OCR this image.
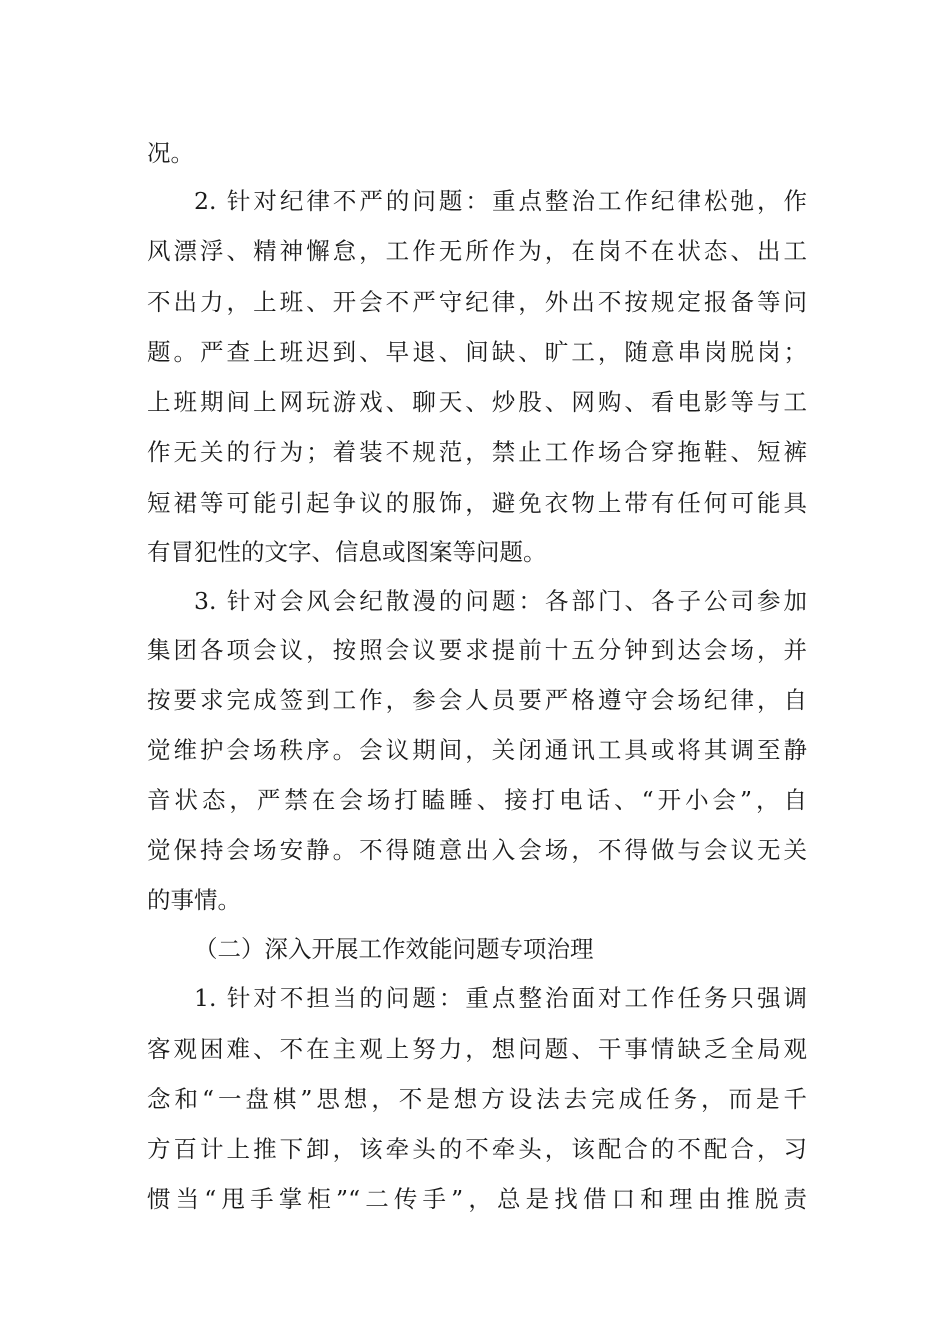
况。
2. 针对纪律不严的问题：重点整治工作纪律松弛，作
风漂浮、精神懈怠，工作无所作为，在岗不在状态、出工
不出力，上班、开会不严守纪律，外出不按规定报备等问
题。严查上班迟到、早退、间缺、旷工，随意串岗脱岗；
上班期间上网玩游戏、聊天、炒股、网购、看电影等与工
作无关的行为；着装不规范，禁止工作场合穿拖鞋、短裤
短裙等可能引起争议的服饰，避免衣物上带有任何可能具
有冒犯性的文字、信息或图案等问题。
3. 针对会风会纪散漫的问题：各部门、各子公司参加
集团各项会议，按照会议要求提前十五分钟到达会场，并
按要求完成签到工作，参会人员要严格遵守会场纪律，自
觉维护会场秩序。会议期间，关闭通讯工具或将其调至静
音状态，严禁在会场打瞌睡、接打电话、“开小会”，自
觉保持会场安静。不得随意出入会场，不得做与会议无关
的事情。
（二）深入开展工作效能问题专项治理
1. 针对不担当的问题：重点整治面对工作任务只强调
客观困难、不在主观上努力，想问题、干事情缺乏全局观
念和“一盘棋”思想，不是想方设法去完成任务，而是千
方百计上推下卸，该牵头的不牵头，该配合的不配合，习
惯当“甩手掌柜”“二传手”，总是找借口和理由推脱责
